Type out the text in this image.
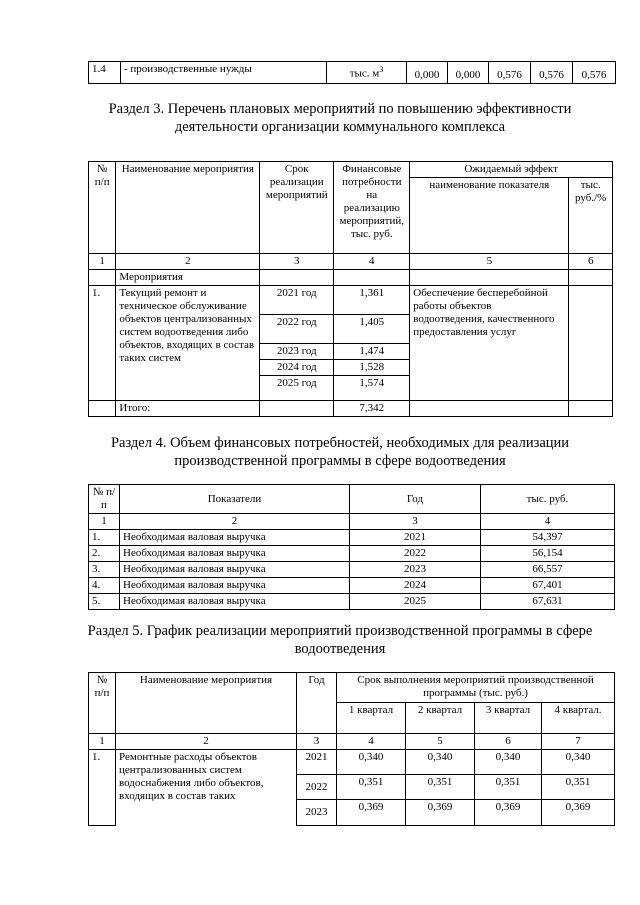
1.4	- производственные нужды	тыс. $м^3$	0,000	0,000	0,576	0,576	0,576
Раздел 3. Перечень плановых мероприятий по повышению эффективности
деятельности организации коммунального комплекса
№ п/п	Наименование мероприятия	Срок реализации мероприятий	Финансовые потребности на реализацию мероприятий, тыс. руб.	Ожидаемый эффект	
				наименование показателя	тыс. руб./%
1	2	3	4	5	6
	Мероприятия				
1.	Текущий ремонт и техническое обслуживание объектов централизованных систем водоотведения либо объектов, входящих в состав таких систем	2021 год	1,361	Обеспечение бесперебойной работы объектов водоотведения, качественного предоставления услуг	
		2022 год	1,405		
		2023 год	1,474		
		2024 год	1,528		
		2025 год	1,574		
	Итого:		7,342		
Раздел 4. Объем финансовых потребностей, необходимых для реализации
производственной программы в сфере водоотведения
№ п/п	Показатели	Год	тыс. руб.
1	2	3	4
1.	Необходимая валовая выручка	2021	54,397
2.	Необходимая валовая выручка	2022	56,154
3.	Необходимая валовая выручка	2023	66,557
4.	Необходимая валовая выручка	2024	67,401
5.	Необходимая валовая выручка	2025	67,631
Раздел 5. График реализации мероприятий производственной программы в сфере
водоотведения
№ п/п	Наименование мероприятия	Год	Срок выполнения мероприятий производственной программы (тыс. руб.)			
			1 квартал	2 квартал	3 квартал	4 квартал.
1	2	3	4	5	6	7
1.	Ремонтные расходы объектов централизованных систем водоснабжения либо объектов, входящих в состав таких	2021	0,340	0,340	0,340	0,340
		2022	0,351	0,351	0,351	0,351
		2023	0,369	0,369	0,369	0,369
